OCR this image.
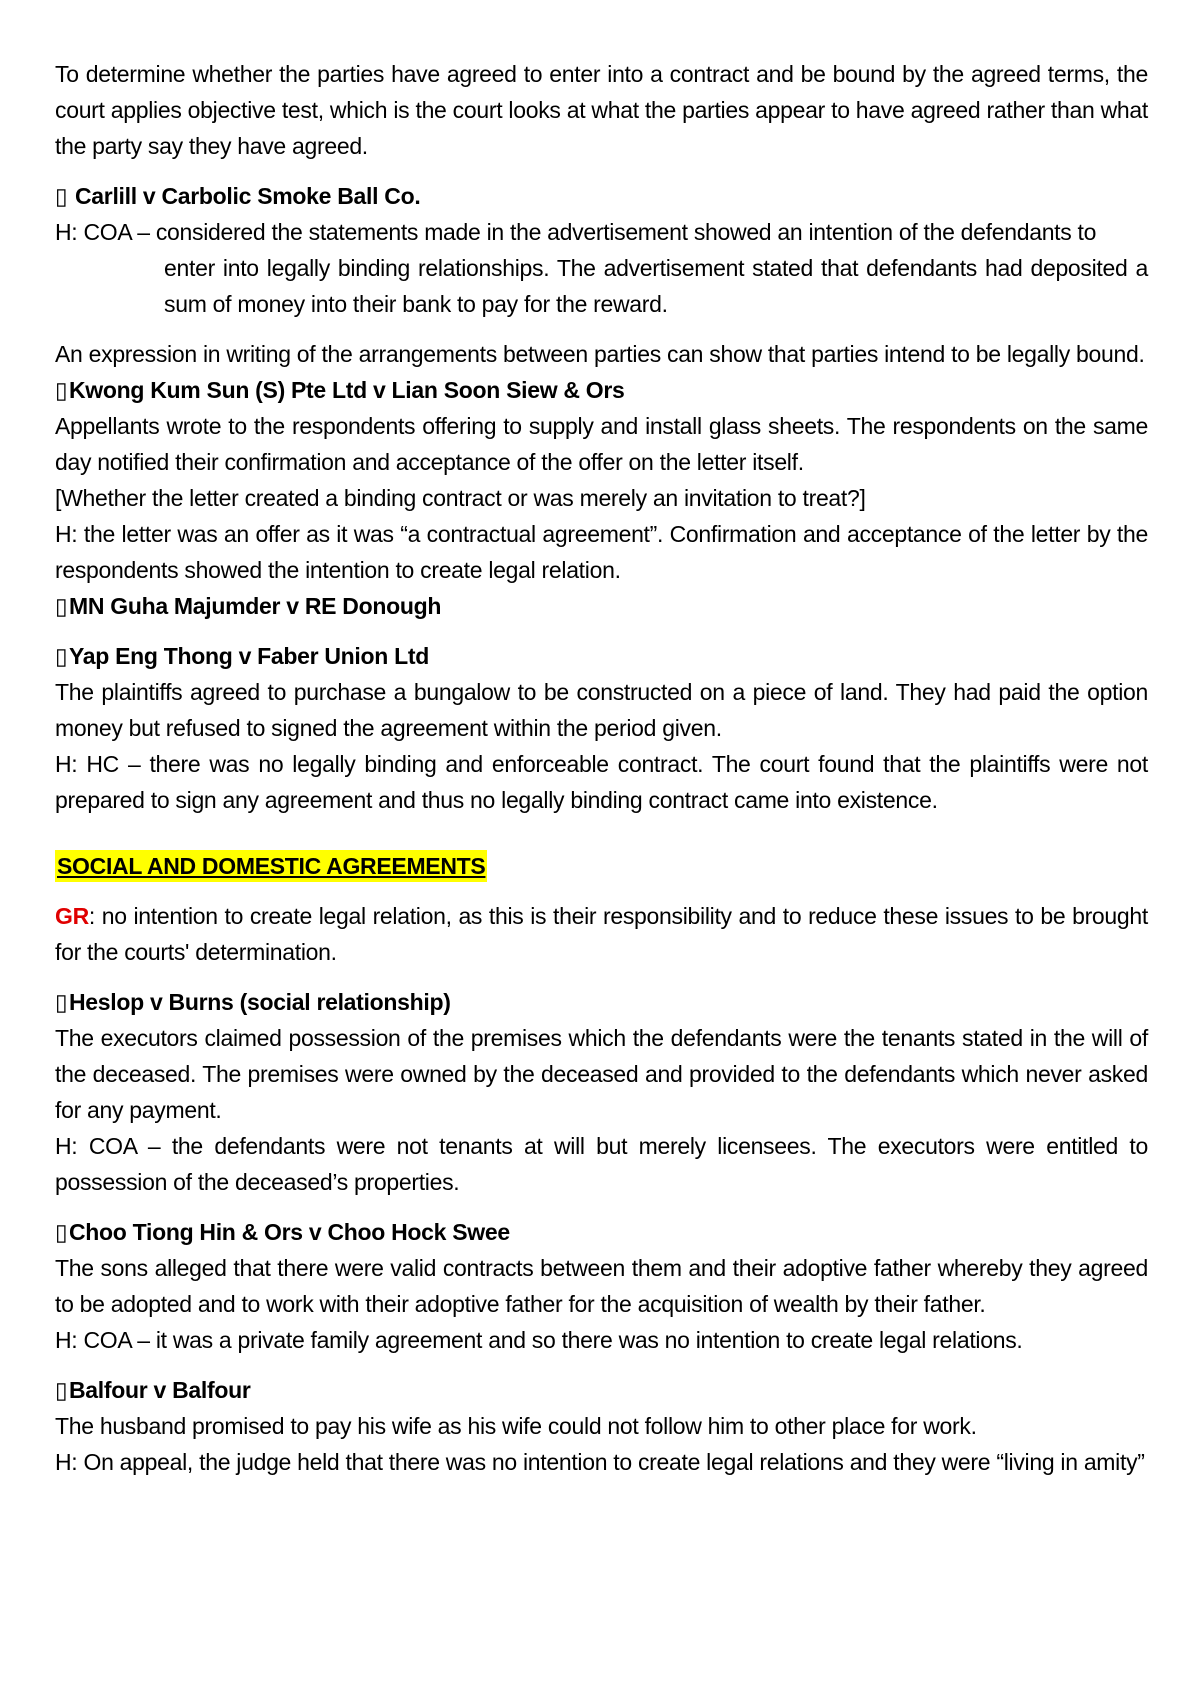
To determine whether the parties have agreed to enter into a contract and be bound by the agreed terms, the court applies objective test, which is the court looks at what the parties appear to have agreed rather than what the party say they have agreed.

▯ Carlill v Carbolic Smoke Ball Co.

H: COA – considered the statements made in the advertisement showed an intention of the defendants to

enter into legally binding relationships. The advertisement stated that defendants had deposited a sum of money into their bank to pay for the reward.

An expression in writing of the arrangements between parties can show that parties intend to be legally bound.

▯Kwong Kum Sun (S) Pte Ltd v Lian Soon Siew & Ors

Appellants wrote to the respondents offering to supply and install glass sheets. The respondents on the same day notified their confirmation and acceptance of the offer on the letter itself.

[Whether the letter created a binding contract or was merely an invitation to treat?]

H: the letter was an offer as it was “a contractual agreement”. Confirmation and acceptance of the letter by the respondents showed the intention to create legal relation.

▯MN Guha Majumder v RE Donough

▯Yap Eng Thong v Faber Union Ltd

The plaintiffs agreed to purchase a bungalow to be constructed on a piece of land. They had paid the option money but refused to signed the agreement within the period given.

H: HC – there was no legally binding and enforceable contract. The court found that the plaintiffs were not prepared to sign any agreement and thus no legally binding contract came into existence.

SOCIAL AND DOMESTIC AGREEMENTS

GR: no intention to create legal relation, as this is their responsibility and to reduce these issues to be brought for the courts' determination.

▯Heslop v Burns (social relationship)

The executors claimed possession of the premises which the defendants were the tenants stated in the will of the deceased. The premises were owned by the deceased and provided to the defendants which never asked for any payment.

H: COA – the defendants were not tenants at will but merely licensees. The executors were entitled to possession of the deceased’s properties.

▯Choo Tiong Hin & Ors v Choo Hock Swee

The sons alleged that there were valid contracts between them and their adoptive father whereby they agreed to be adopted and to work with their adoptive father for the acquisition of wealth by their father.

H: COA – it was a private family agreement and so there was no intention to create legal relations.

▯Balfour v Balfour

The husband promised to pay his wife as his wife could not follow him to other place for work.

H: On appeal, the judge held that there was no intention to create legal relations and they were “living in amity”
